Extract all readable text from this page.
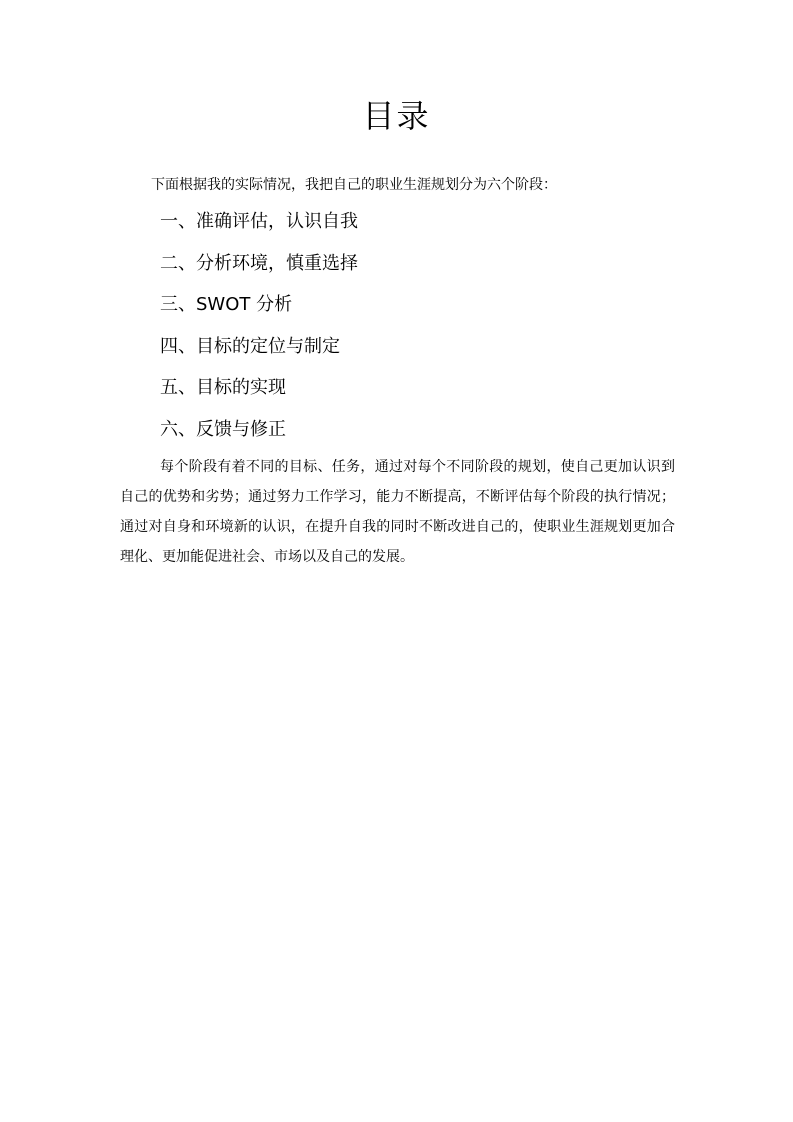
目录
下面根据我的实际情况，我把自己的职业生涯规划分为六个阶段：
一、准确评估，认识自我
二、分析环境，慎重选择
三、SWOT 分析
四、目标的定位与制定
五、目标的实现
六、反馈与修正

每个阶段有着不同的目标、任务，通过对每个不同阶段的规划，使自己更加认识到自己的优势和劣势；通过努力工作学习，能力不断提高，不断评估每个阶段的执行情况；通过对自身和环境新的认识，在提升自我的同时不断改进自己的，使职业生涯规划更加合理化、更加能促进社会、市场以及自己的发展。
